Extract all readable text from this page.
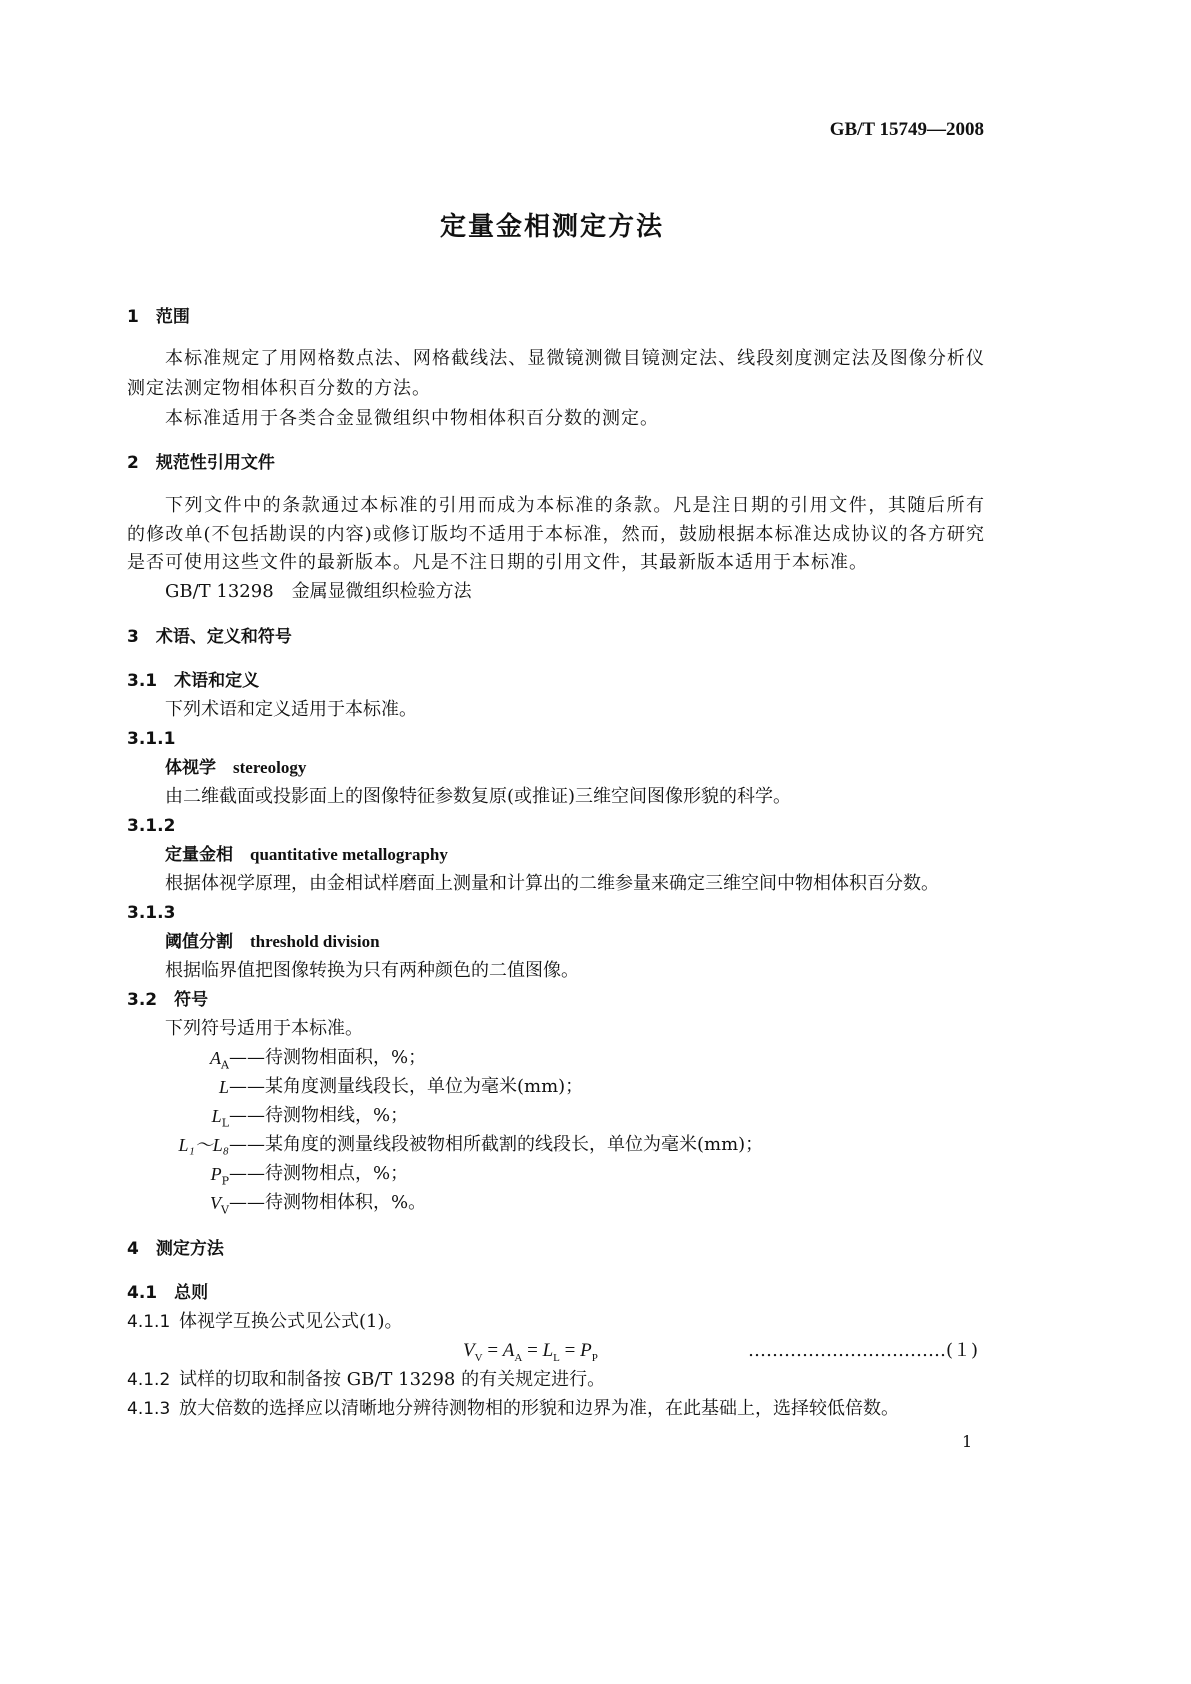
GB/T 15749—2008
定量金相测定方法
1　 范围
本标准规定了用网格数点法、网格截线法、显微镜测微目镜测定法、线段刻度测定法及图像分析仪
测定法测定物相体积百分数的方法。
本标准适用于各类合金显微组织中物相体积百分数的测定。
2　 规范性引用文件
下列文件中的条款通过本标准的引用而成为本标准的条款。凡是注日期的引用文件，其随后所有
的修改单(不包括勘误的内容)或修订版均不适用于本标准，然而，鼓励根据本标准达成协议的各方研究
是否可使用这些文件的最新版本。凡是不注日期的引用文件，其最新版本适用于本标准。
GB/T 13298　金属显微组织检验方法
3　 术语、定义和符号
3.1　 术语和定义
下列术语和定义适用于本标准。
3.1.1
体视学　 stereology
由二维截面或投影面上的图像特征参数复原(或推证)三维空间图像形貌的科学。
3.1.2
定量金相　 quantitative metallography
根据体视学原理，由金相试样磨面上测量和计算出的二维参量来确定三维空间中物相体积百分数。
3.1.3
阈值分割　 threshold division
根据临界值把图像转换为只有两种颜色的二值图像。
3.2　 符号
下列符号适用于本标准。
$A_A$ ——待测物相面积，%；
L ——某角度测量线段长，单位为毫米(mm)；
$L_L$ ——待测物相线，%；
L₁～L₈ ——某角度的测量线段被物相所截割的线段长，单位为毫米(mm)；
$P_P$ ——待测物相点，%；
$V_V$ ——待测物相体积，%。
4　 测定方法
4.1　 总则
4.1.1 体视学互换公式见公式(1)。
$V_V = A_A = L_L = P_P$	……………………………(１)
4.1.2 试样的切取和制备按 GB/T 13298 的有关规定进行。
4.1.3 放大倍数的选择应以清晰地分辨待测物相的形貌和边界为准，在此基础上，选择较低倍数。
1
